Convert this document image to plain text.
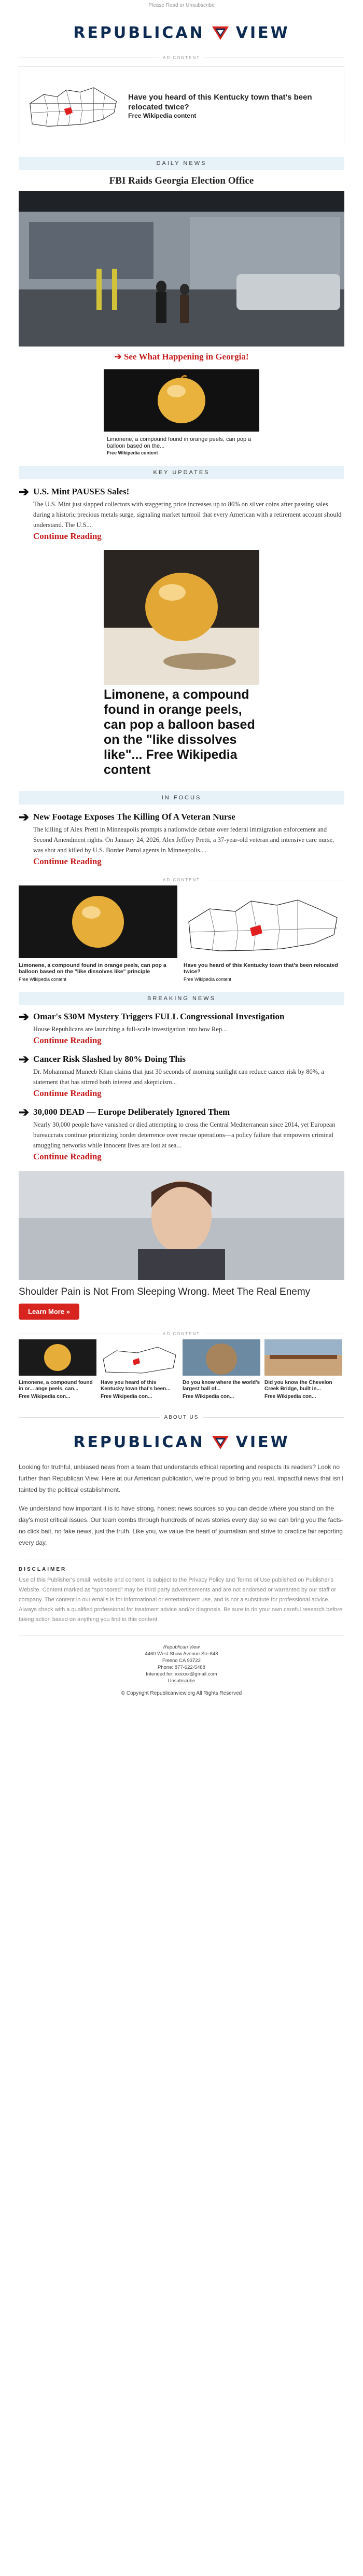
Please Read or Unsubscribe
REPUBLICAN VIEW
AD CONTENT
Have you heard of this Kentucky town that's been relocated twice?
Free Wikipedia content
DAILY NEWS
FBI Raids Georgia Election Office
➔ See What Happening in Georgia!
Limonene, a compound found in orange peels, can pop a balloon based on the...
Free Wikipedia content
KEY UPDATES
➔ U.S. Mint PAUSES Sales!
The U.S. Mint just slapped collectors with staggering price increases up to 86% on silver coins after passing sales during a historic precious metals surge, signaling market turmoil that every American with a retirement account should understand. The U.S....
Continue Reading
Limonene, a compound found in orange peels, can pop a balloon based on the "like dissolves like"... Free Wikipedia content
IN FOCUS
➔ New Footage Exposes The Killing Of A Veteran Nurse
The killing of Alex Pretti in Minneapolis prompts a nationwide debate over federal immigration enforcement and Second Amendment rights. On January 24, 2026, Alex Jeffrey Pretti, a 37-year-old veteran and intensive care nurse, was shot and killed by U.S. Border Patrol agents in Minneapolis....
Continue Reading
AD CONTENT
Limonene, a compound found in orange peels, can pop a balloon based on the "like dissolves like" principle
Free Wikipedia content
Have you heard of this Kentucky town that's been relocated twice?
Free Wikipedia content
BREAKING NEWS
➔ Omar's $30M Mystery Triggers FULL Congressional Investigation
House Republicans are launching a full-scale investigation into how Rep...
Continue Reading
➔ Cancer Risk Slashed by 80% Doing This
Dr. Mohammad Muneeb Khan claims that just 30 seconds of morning sunlight can reduce cancer risk by 80%, a statement that has stirred both interest and skepticism...
Continue Reading
➔ 30,000 DEAD — Europe Deliberately Ignored Them
Nearly 30,000 people have vanished or died attempting to cross the Central Mediterranean since 2014, yet European bureaucrats continue prioritizing border deterrence over rescue operations—a policy failure that empowers criminal smuggling networks while innocent lives are lost at sea...
Continue Reading
Shoulder Pain is Not From Sleeping Wrong. Meet The Real Enemy
Learn More »
AD CONTENT
Limonene, a compound found in or... ange peels, can...
Free Wikipedia con...
Have you heard of this Kentucky town that's been...
Free Wikipedia con...
Do you know where the world's largest ball of...
Free Wikipedia con...
Did you know the Chevelon Creek Bridge, built in...
Free Wikipedia con...
ABOUT US
REPUBLICAN VIEW
Looking for truthful, unbiased news from a team that understands ethical reporting and respects its readers? Look no further than Republican View. Here at our American publication, we're proud to bring you real, impactful news that isn't tainted by the political establishment.
We understand how important it is to have strong, honest news sources so you can decide where you stand on the day's most critical issues. Our team combs through hundreds of news stories every day so we can bring you the facts-no click bait, no fake news, just the truth. Like you, we value the heart of journalism and strive to practice fair reporting every day.
DISCLAIMER
Use of this Publisher's email, website and content, is subject to the Privacy Policy and Terms of Use published on Publisher's Website. Content marked as "sponsored" may be third party advertisements and are not endorsed or warranted by our staff or company. The content in our emails is for informational or entertainment use, and is not a substitute for professional advice. Always check with a qualified professional for treatment advice and/or diagnosis. Be sure to do your own careful research before taking action based on anything you find in this content
Republican View
4460 West Shaw Avenue Ste 648
Fresno CA 93722
Phone: 877-622-5488
Intended for: xxxxxx@gmail.com
Unsubscribe
© Copyright Republicanview.org All Rights Reserved
